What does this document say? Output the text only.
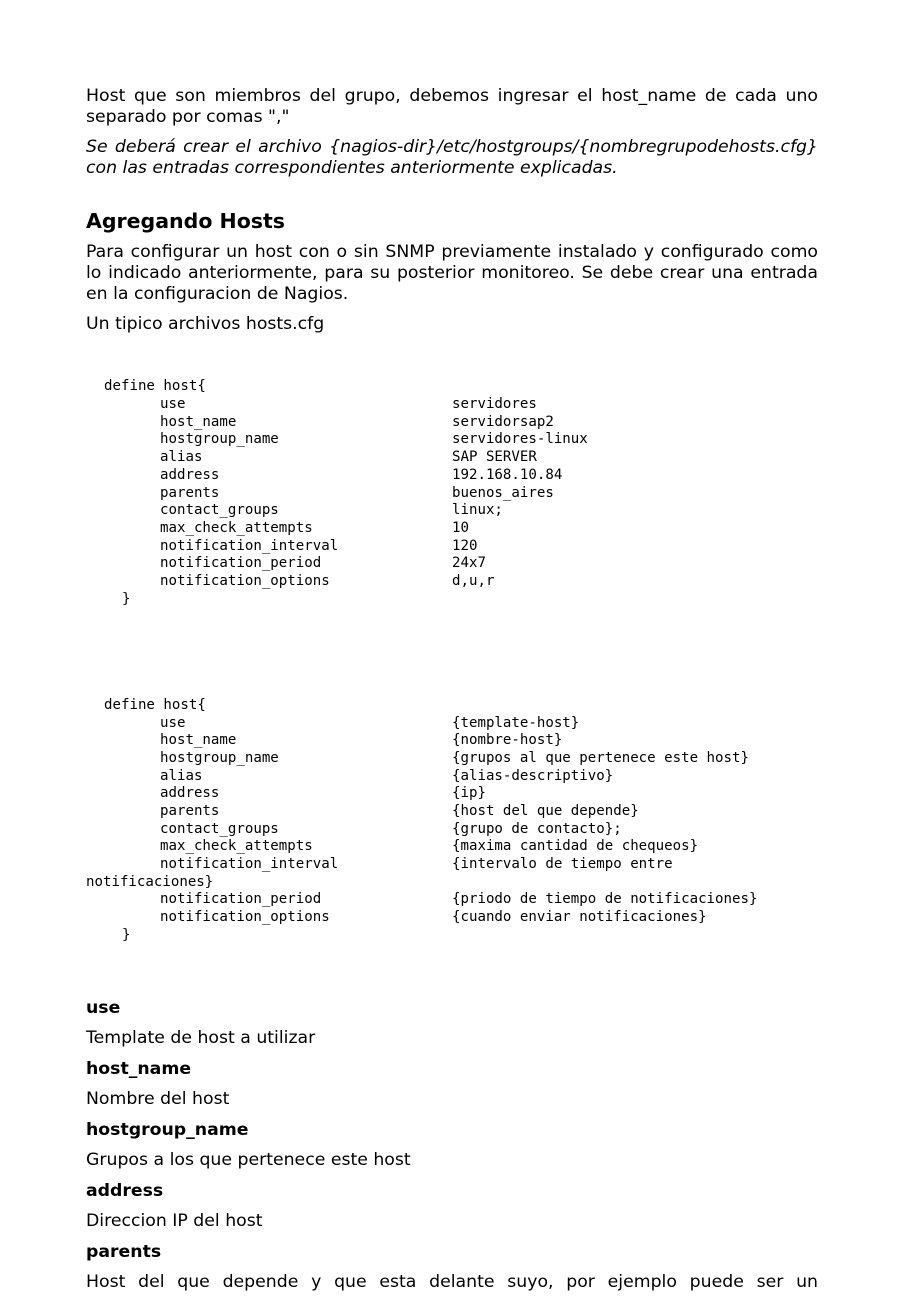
Host que son miembros del grupo, debemos ingresar el host_name de cada uno separado por comas ","

Se deberá crear el archivo {nagios-dir}/etc/hostgroups/{nombregrupodehosts.cfg} con las entradas correspondientes anteriormente explicadas.

Agregando Hosts

Para configurar un host con o sin SNMP previamente instalado y configurado como lo indicado anteriormente, para su posterior monitoreo. Se debe crear una entrada en la configuracion de Nagios.

Un tipico archivos hosts.cfg

define host{
use	servidores
host_name	servidorsap2
hostgroup_name	servidores-linux
alias	SAP SERVER
address	192.168.10.84
parents	buenos_aires
contact_groups	linux;
max_check_attempts	10
notification_interval	120
notification_period	24x7
notification_options	d,u,r
}

define host{
use	{template-host}
host_name	{nombre-host}
hostgroup_name	{grupos al que pertenece este host}
alias	{alias-descriptivo}
address	{ip}
parents	{host del que depende}
contact_groups	{grupo de contacto};
max_check_attempts	{maxima cantidad de chequeos}
notification_interval	{intervalo de tiempo entre
notificaciones}
notification_period	{priodo de tiempo de notificaciones}
notification_options	{cuando enviar notificaciones}
}

use
Template de host a utilizar
host_name
Nombre del host
hostgroup_name
Grupos a los que pertenece este host
address
Direccion IP del host
parents
Host del que depende y que esta delante suyo, por ejemplo puede ser un
